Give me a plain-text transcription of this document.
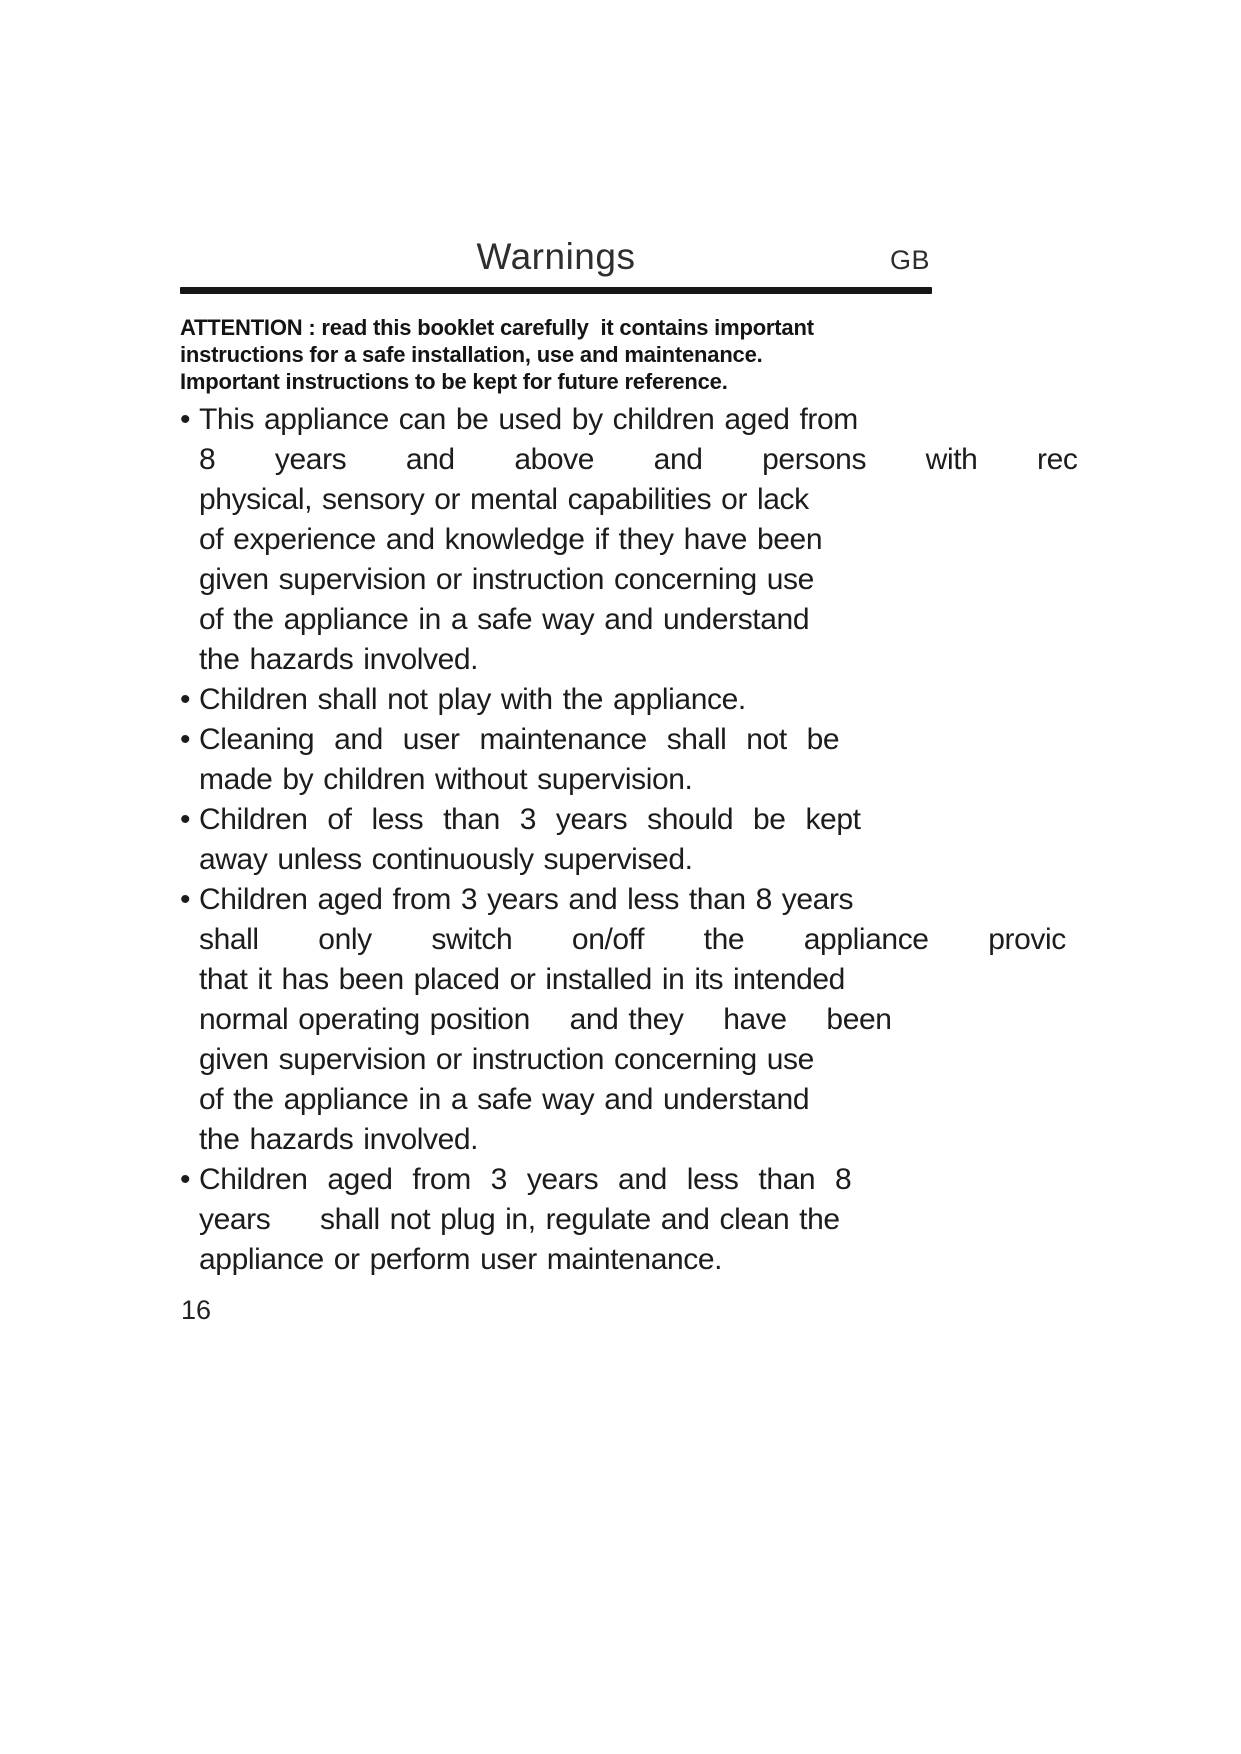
Warnings	GB
ATTENTION : read this booklet carefully  it contains important
instructions for a safe installation, use and maintenance.
Important instructions to be kept for future reference.
• This appliance can be used by children aged from
8      years      and      above      and      persons      with      rec
physical, sensory or mental capabilities or lack
of experience and knowledge if they have been
given supervision or instruction concerning use
of the appliance in a safe way and understand
the hazards involved.
• Children shall not play with the appliance.
• Cleaning  and  user  maintenance  shall  not  be
made by children without supervision.
• Children  of  less  than  3  years  should  be  kept
away unless continuously supervised.
• Children aged from 3 years and less than 8 years
shall      only      switch      on/off      the      appliance      provic
that it has been placed or installed in its intended
normal operating position    and they    have    been
given supervision or instruction concerning use
of the appliance in a safe way and understand
the hazards involved.
• Children  aged  from  3  years  and  less  than  8
years     shall not plug in, regulate and clean the
appliance or perform user maintenance.
16
